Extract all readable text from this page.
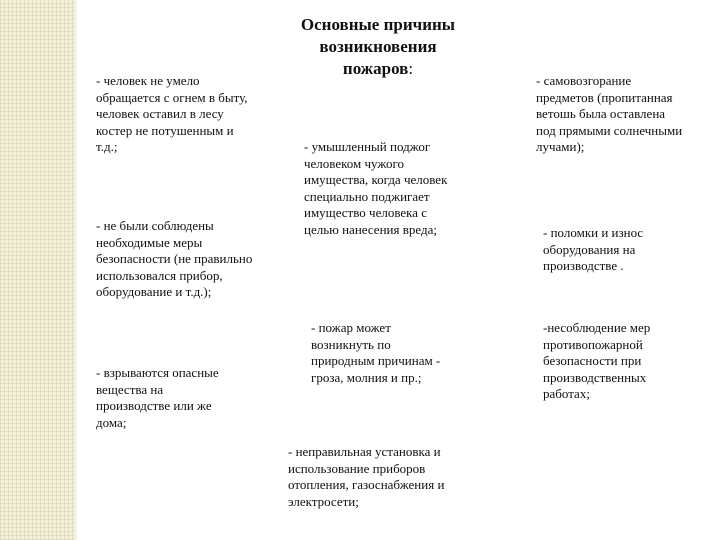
Основные причины
возникновения
пожаров:
- человек не умело
обращается с огнем в быту,
человек оставил в лесу
костер не потушенным и
т.д.;
- не были соблюдены
необходимые меры
безопасности (не правильно
использовался прибор,
оборудование и т.д.);
- взрываются опасные
вещества на
производстве или же
дома;
- умышленный поджог
человеком чужого
имущества, когда человек
специально поджигает
имущество человека с
целью нанесения вреда;
- пожар может
возникнуть по
природным причинам -
гроза, молния и пр.;
- неправильная установка и
использование приборов
отопления, газоснабжения и
электросети;
- самовозгорание
предметов (пропитанная
ветошь была оставлена
под прямыми солнечными
лучами);
- поломки и износ
оборудования на
производстве .
-несоблюдение мер
противопожарной
безопасности при
производственных
работах;
